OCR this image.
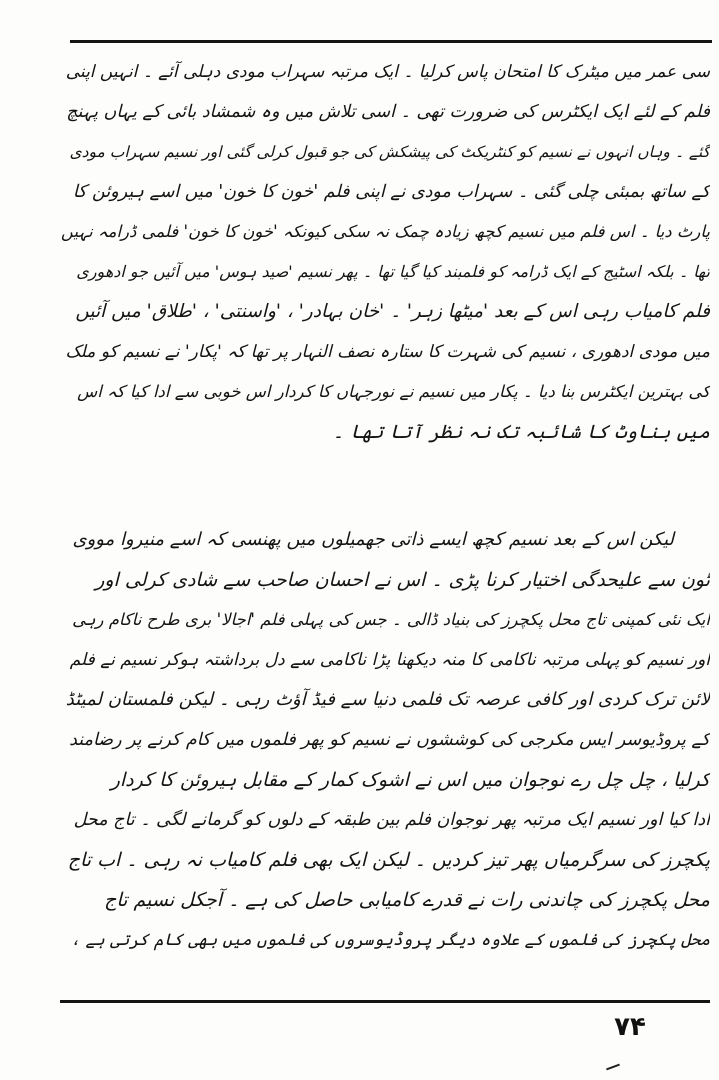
سی عمر میں میٹرک کا امتحان پاس کرلیا ۔ ایک مرتبہ سہراب مودی دہلی آئے ۔ انہیں اپنی
فلم کے لئے ایک ایکٹرس کی ضرورت تھی ۔ اسی تلاش میں وہ شمشاد بائی کے یہاں پہنچ
گئے ۔ وہاں انہوں نے نسیم کو کنٹریکٹ کی پیشکش کی جو قبول کرلی گئی اور نسیم سہراب مودی
کے ساتھ بمبئی چلی گئی ۔ سہراب مودی نے اپنی فلم 'خون کا خون' میں اسے ہیروئن کا
پارٹ دیا ۔ اس فلم میں نسیم کچھ زیادہ چمک نہ سکی کیونکہ 'خون کا خون' فلمی ڈرامہ نہیں
تھا ۔ بلکہ اسٹیج کے ایک ڈرامہ کو فلمبند کیا گیا تھا ۔ پھر نسیم 'صید ہوس' میں آئیں جو ادھوری
فلم کامیاب رہی اس کے بعد 'میٹھا زہر' ۔ 'خان بہادر' ، 'واسنتی' ، 'طلاق' میں آئیں
میں مودی ادھوری ، نسیم کی شہرت کا ستارہ نصف النہار پر تھا کہ 'پکار' نے نسیم کو ملک
کی بہترین ایکٹرس بنا دیا ۔ پکار میں نسیم نے نورجہاں کا کردار اس خوبی سے ادا کیا کہ اس
میں بناوٹ کا شائبہ تک نہ نظر آتا تھا ۔
لیکن اس کے بعد نسیم کچھ ایسے ذاتی جھمیلوں میں پھنسی کہ اسے منیروا مووی
ٹون سے علیحدگی اختیار کرنا پڑی ۔ اس نے احسان صاحب سے شادی کرلی اور
ایک نئی کمپنی تاج محل پکچرز کی بنیاد ڈالی ۔ جس کی پہلی فلم 'اجالا' بری طرح ناکام رہی
اور نسیم کو پہلی مرتبہ ناکامی کا منہ دیکھنا پڑا ناکامی سے دل برداشتہ ہوکر نسیم نے فلم
لائن ترک کردی اور کافی عرصہ تک فلمی دنیا سے فیڈ آؤٹ رہی ۔ لیکن فلمستان لمیٹڈ
کے پروڈیوسر ایس مکرجی کی کوششوں نے نسیم کو پھر فلموں میں کام کرنے پر رضامند
کرلیا ، چل چل رے نوجوان میں اس نے اشوک کمار کے مقابل ہیروئن کا کردار
ادا کیا اور نسیم ایک مرتبہ پھر نوجوان فلم بین طبقہ کے دلوں کو گرمانے لگی ۔ تاج محل
پکچرز کی سرگرمیاں پھر تیز کردیں ۔ لیکن ایک بھی فلم کامیاب نہ رہی ۔ اب تاج
محل پکچرز کی چاندنی رات نے قدرے کامیابی حاصل کی ہے ۔ آجکل نسیم تاج
محل پکچرز کی فلموں کے علاوہ دیگر پروڈیوسروں کی فلموں میں بھی کام کرتی ہے ،
۷۴
